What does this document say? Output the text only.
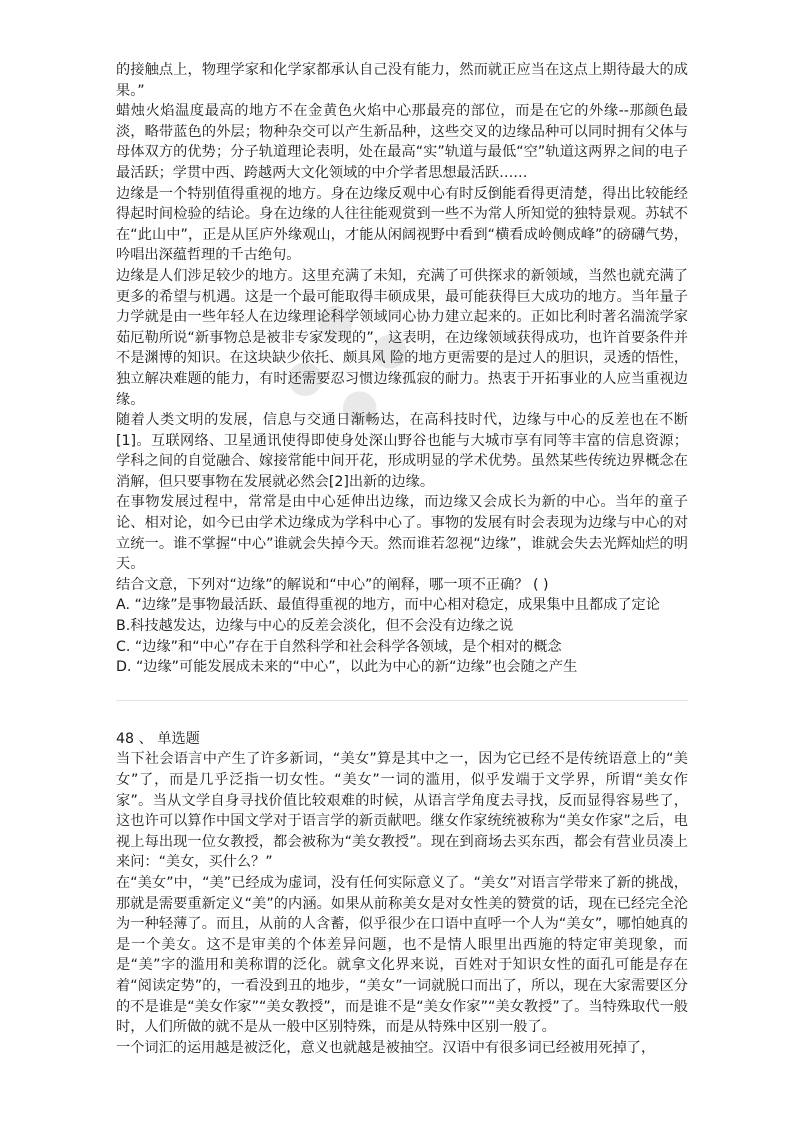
● ●
● ●

的接触点上，物理学家和化学家都承认自己没有能力，然而就正应当在这点上期待最大的成果。”

蜡烛火焰温度最高的地方不在金黄色火焰中心那最亮的部位，而是在它的外缘--那颜色最淡，略带蓝色的外层；物种杂交可以产生新品种，这些交叉的边缘品种可以同时拥有父体与母体双方的优势；分子轨道理论表明，处在最高“实”轨道与最低“空”轨道这两界之间的电子最活跃；学贯中西、跨越两大文化领域的中介学者思想最活跃……

边缘是一个特别值得重视的地方。身在边缘反观中心有时反倒能看得更清楚，得出比较能经得起时间检验的结论。身在边缘的人往往能观赏到一些不为常人所知觉的独特景观。苏轼不在“此山中”，正是从匡庐外缘观山，才能从闲阔视野中看到“横看成岭侧成峰”的磅礴气势，吟唱出深蕴哲理的千古绝句。

边缘是人们涉足较少的地方。这里充满了未知，充满了可供探求的新领域，当然也就充满了更多的希望与机遇。这是一个最可能取得丰硕成果，最可能获得巨大成功的地方。当年量子力学就是由一些年轻人在边缘理论科学领域同心协力建立起来的。正如比利时著名湍流学家茹厄勒所说“新事物总是被非专家发现的”，这表明，在边缘领域获得成功，也许首要条件并不是渊博的知识。在这块缺少依托、颇具风 险的地方更需要的是过人的胆识，灵透的悟性，独立解决难题的能力，有时还需要忍习惯边缘孤寂的耐力。热衷于开拓事业的人应当重视边缘。

随着人类文明的发展，信息与交通日渐畅达，在高科技时代，边缘与中心的反差也在不断[1]。互联网络、卫星通讯使得即使身处深山野谷也能与大城市享有同等丰富的信息资源；学科之间的自觉融合、嫁接常能中间开花，形成明显的学术优势。虽然某些传统边界概念在消解，但只要事物在发展就必然会[2]出新的边缘。

在事物发展过程中，常常是由中心延伸出边缘，而边缘又会成长为新的中心。当年的童子论、相对论，如今已由学术边缘成为学科中心了。事物的发展有时会表现为边缘与中心的对立统一。谁不掌握“中心”谁就会失掉今天。然而谁若忽视“边缘”，谁就会失去光辉灿烂的明天。

结合文意，下列对“边缘”的解说和“中心”的阐释，哪一项不正确？ ( )

A. “边缘”是事物最活跃、最值得重视的地方，而中心相对稳定，成果集中且都成了定论

B.科技越发达，边缘与中心的反差会淡化，但不会没有边缘之说

C. “边缘”和“中心”存在于自然科学和社会科学各领域，是个相对的概念

D. “边缘”可能发展成未来的“中心”，以此为中心的新“边缘”也会随之产生

48 、 单选题

当下社会语言中产生了许多新词，“美女”算是其中之一，因为它已经不是传统语意上的“美女”了，而是几乎泛指一切女性。“美女”一词的滥用，似乎发端于文学界，所谓“美女作家”。当从文学自身寻找价值比较艰难的时候，从语言学角度去寻找，反而显得容易些了，这也许可以算作中国文学对于语言学的新贡献吧。继女作家统统被称为“美女作家”之后，电视上每出现一位女教授，都会被称为“美女教授”。现在到商场去买东西，都会有营业员凑上来问：“美女，买什么？”

在“美女”中，“美”已经成为虚词，没有任何实际意义了。“美女”对语言学带来了新的挑战，那就是需要重新定义“美”的内涵。如果从前称美女是对女性美的赞赏的话，现在已经完全沦为一种轻薄了。而且，从前的人含蓄，似乎很少在口语中直呼一个人为“美女”，哪怕她真的是一个美女。这不是审美的个体差异问题，也不是情人眼里出西施的特定审美现象，而是“美”字的滥用和美称谓的泛化。就拿文化界来说，百姓对于知识女性的面孔可能是存在着“阅读定势”的，一看没到丑的地步，“美女”一词就脱口而出了，所以，现在大家需要区分的不是谁是“美女作家”“美女教授”，而是谁不是“美女作家”“美女教授”了。当特殊取代一般时，人们所做的就不是从一般中区别特殊，而是从特殊中区别一般了。

一个词汇的运用越是被泛化，意义也就越是被抽空。汉语中有很多词已经被用死掉了，
